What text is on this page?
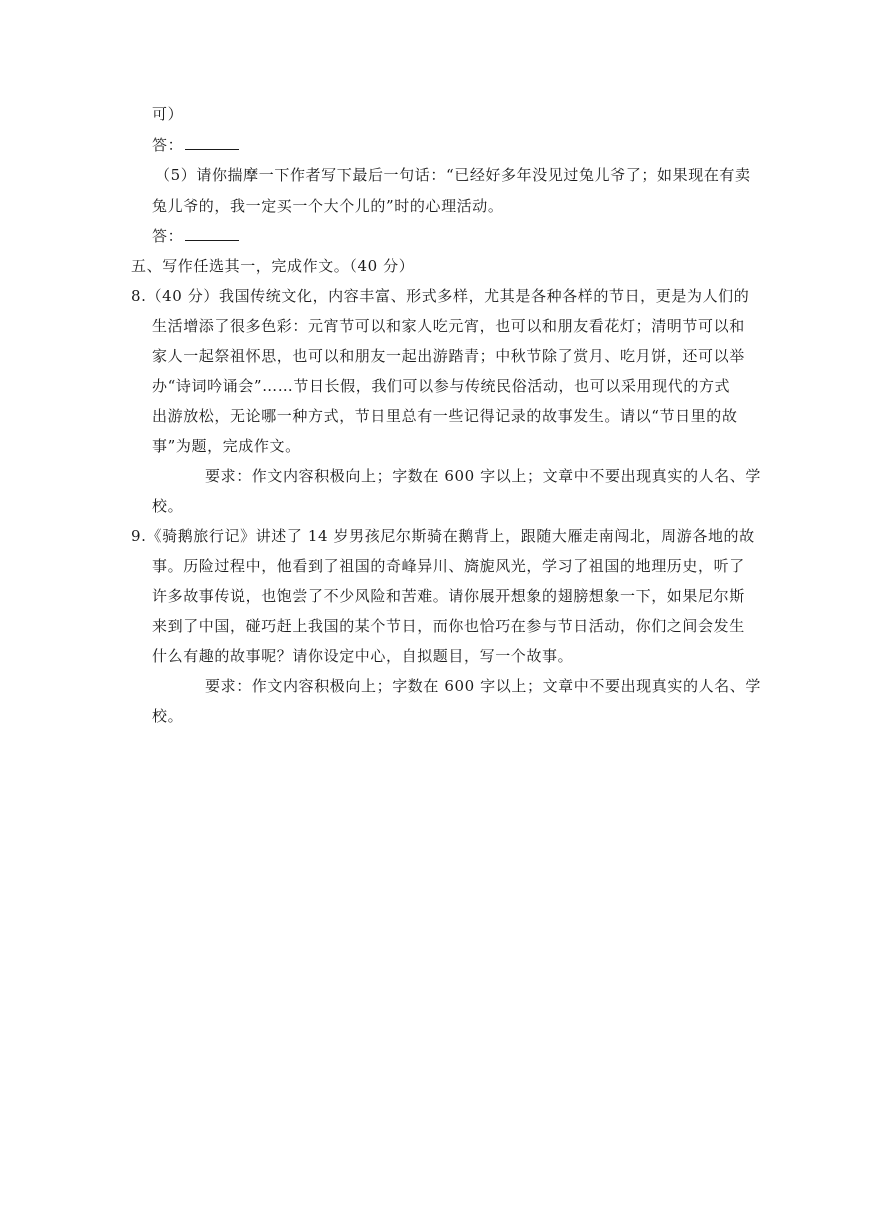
可）
答：
（5）请你揣摩一下作者写下最后一句话：“已经好多年没见过兔儿爷了；如果现在有卖
兔儿爷的，我一定买一个大个儿的”时的心理活动。
答：
五、写作任选其一，完成作文。（40 分）
8.（40 分）我国传统文化，内容丰富、形式多样，尤其是各种各样的节日，更是为人们的
生活增添了很多色彩：元宵节可以和家人吃元宵，也可以和朋友看花灯；清明节可以和
家人一起祭祖怀思，也可以和朋友一起出游踏青；中秋节除了赏月、吃月饼，还可以举
办“诗词吟诵会”……节日长假，我们可以参与传统民俗活动，也可以采用现代的方式
出游放松，无论哪一种方式，节日里总有一些记得记录的故事发生。请以“节日里的故
事”为题，完成作文。
要求：作文内容积极向上；字数在 600 字以上；文章中不要出现真实的人名、学
校。
9.《骑鹅旅行记》讲述了 14 岁男孩尼尔斯骑在鹅背上，跟随大雁走南闯北，周游各地的故
事。历险过程中，他看到了祖国的奇峰异川、旖旎风光，学习了祖国的地理历史，听了
许多故事传说，也饱尝了不少风险和苦难。请你展开想象的翅膀想象一下，如果尼尔斯
来到了中国，碰巧赶上我国的某个节日，而你也恰巧在参与节日活动，你们之间会发生
什么有趣的故事呢？请你设定中心，自拟题目，写一个故事。
要求：作文内容积极向上；字数在 600 字以上；文章中不要出现真实的人名、学
校。
